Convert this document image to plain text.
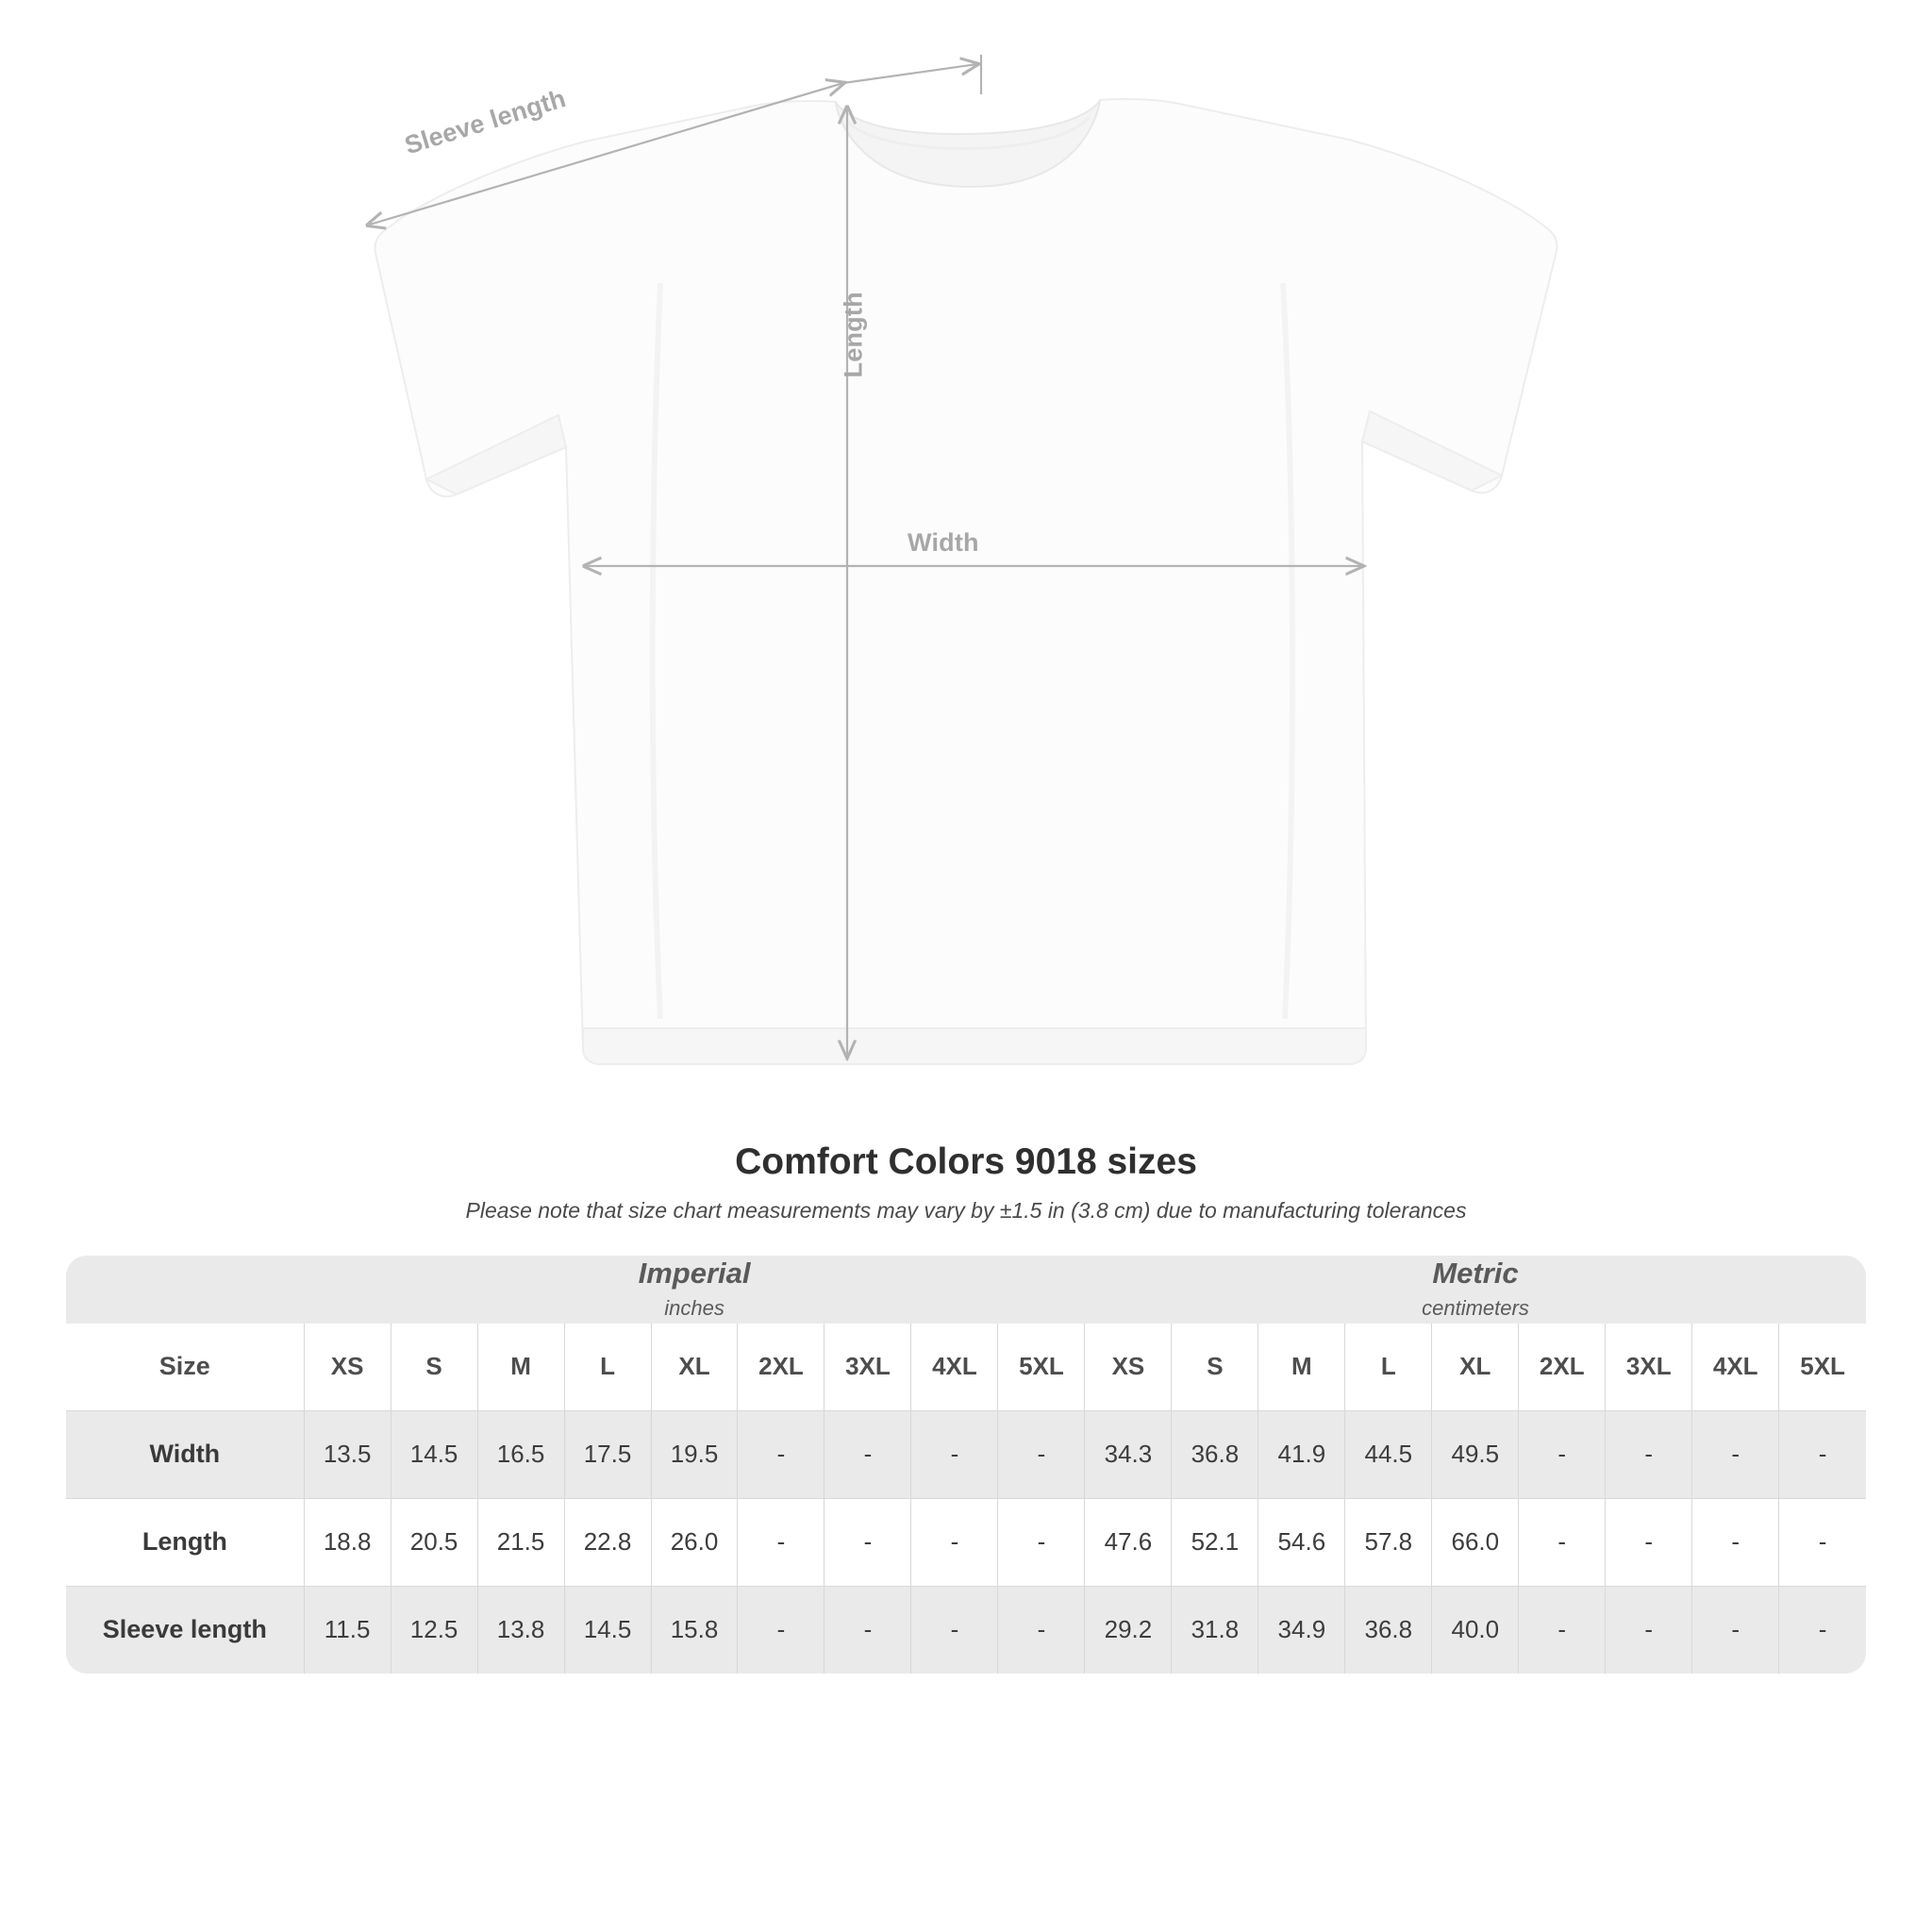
Sleeve length
Length
Width
Comfort Colors 9018 sizes

Please note that size chart measurements may vary by ±1.5 in (3.8 cm) due to manufacturing tolerances

Imperial
inches

Metric
centimeters

Size	XS	S	M	L	XL	2XL	3XL	4XL	5XL	XS	S	M	L	XL	2XL	3XL	4XL	5XL
Width	13.5	14.5	16.5	17.5	19.5	-	-	-	-	34.3	36.8	41.9	44.5	49.5	-	-	-	-
Length	18.8	20.5	21.5	22.8	26.0	-	-	-	-	47.6	52.1	54.6	57.8	66.0	-	-	-	-
Sleeve length	11.5	12.5	13.8	14.5	15.8	-	-	-	-	29.2	31.8	34.9	36.8	40.0	-	-	-	-
